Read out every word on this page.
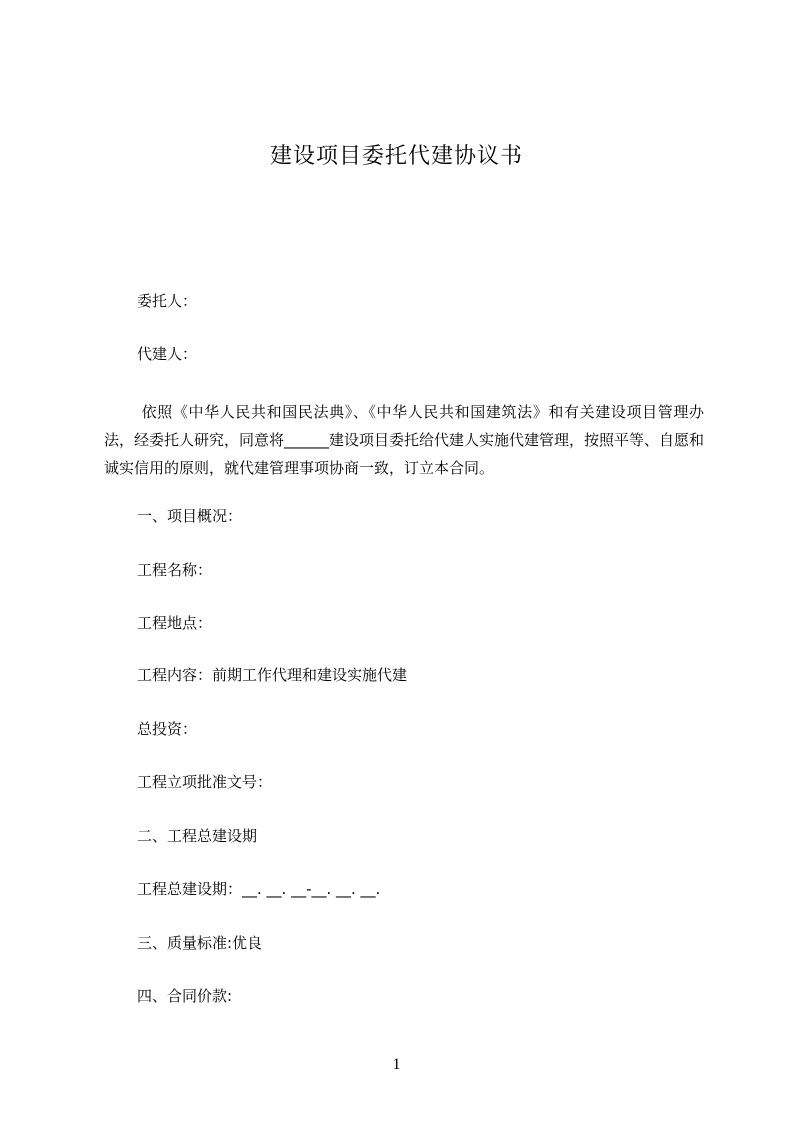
建设项目委托代建协议书
委托人：
代建人：
依照《中华人民共和国民法典》、《中华人民共和国建筑法》和有关建设项目管理办法，经委托人研究，同意将______建设项目委托给代建人实施代建管理，按照平等、自愿和诚实信用的原则，就代建管理事项协商一致，订立本合同。
一、项目概况：
工程名称：
工程地点：
工程内容：前期工作代理和建设实施代建
总投资：
工程立项批准文号：
二、工程总建设期
工程总建设期：__. __. __-__. __. __.
三、质量标准:优良
四、合同价款:
1
